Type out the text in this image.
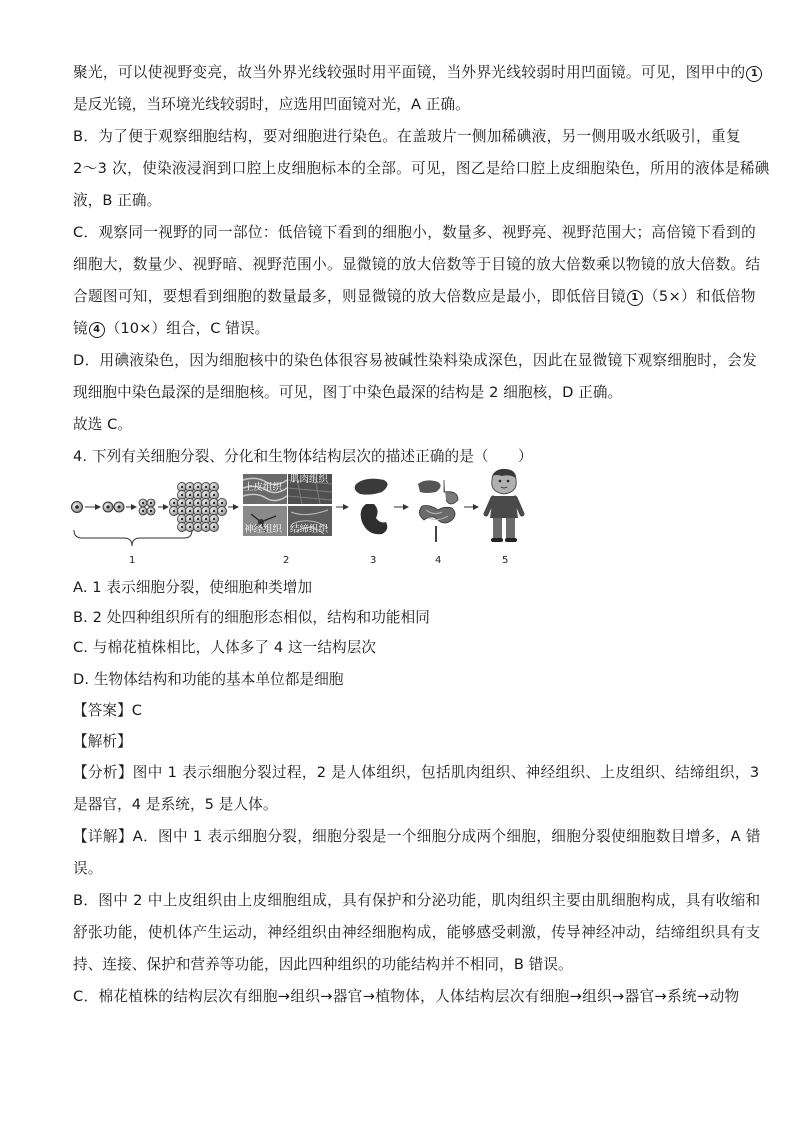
聚光，可以使视野变亮，故当外界光线较强时用平面镜，当外界光线较弱时用凹面镜。可见，图甲中的 1
是反光镜，当环境光线较弱时，应选用凹面镜对光，A 正确。
B．为了便于观察细胞结构，要对细胞进行染色。在盖玻片一侧加稀碘液，另一侧用吸水纸吸引，重复
2～3 次，使染液浸润到口腔上皮细胞标本的全部。可见，图乙是给口腔上皮细胞染色，所用的液体是稀碘
液，B 正确。
C．观察同一视野的同一部位：低倍镜下看到的细胞小，数量多、视野亮、视野范围大；高倍镜下看到的
细胞大，数量少、视野暗、视野范围小。显微镜的放大倍数等于目镜的放大倍数乘以物镜的放大倍数。结
合题图可知，要想看到细胞的数量最多，则显微镜的放大倍数应是最小，即低倍目镜 1 （5×）和低倍物
镜 4 （10×）组合，C 错误。
D．用碘液染色，因为细胞核中的染色体很容易被碱性染料染成深色，因此在显微镜下观察细胞时，会发
现细胞中染色最深的是细胞核。可见，图丁中染色最深的结构是 2 细胞核，D 正确。
故选 C。
4. 下列有关细胞分裂、分化和生物体结构层次的描述正确的是（　　）
上皮组织
肌肉组织
神经组织 结缔组织
1	2	3	4	5
A. 1 表示细胞分裂，使细胞种类增加
B. 2 处四种组织所有的细胞形态相似，结构和功能相同
C. 与棉花植株相比，人体多了 4 这一结构层次
D. 生物体结构和功能的基本单位都是细胞
【答案】C
【解析】
【分析】图中 1 表示细胞分裂过程，2 是人体组织，包括肌肉组织、神经组织、上皮组织、结缔组织，3
是器官，4 是系统，5 是人体。
【详解】A．图中 1 表示细胞分裂，细胞分裂是一个细胞分成两个细胞，细胞分裂使细胞数目增多，A 错
误。
B．图中 2 中上皮组织由上皮细胞组成，具有保护和分泌功能，肌肉组织主要由肌细胞构成，具有收缩和
舒张功能，使机体产生运动，神经组织由神经细胞构成，能够感受刺激，传导神经冲动，结缔组织具有支
持、连接、保护和营养等功能，因此四种组织的功能结构并不相同，B 错误。
C．棉花植株的结构层次有细胞→组织→器官→植物体，人体结构层次有细胞→组织→器官→系统→动物
